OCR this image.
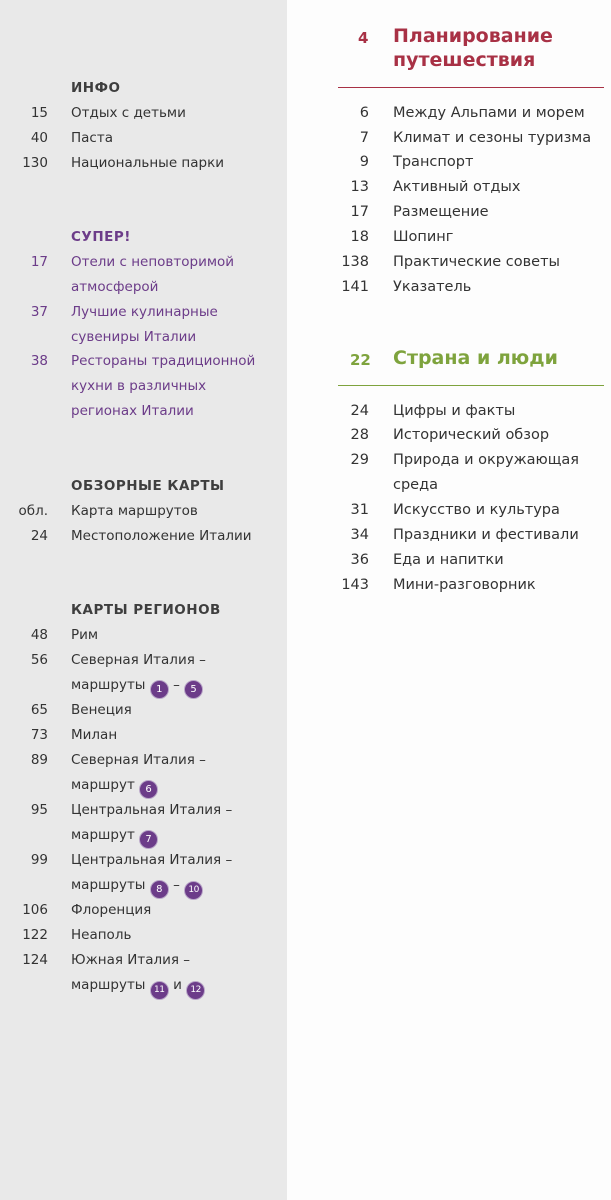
ИНФО
15 Отдых с детьми
40 Паста
130 Национальные парки
СУПЕР!
17 Отели с неповторимой
атмосферой
37 Лучшие кулинарные
сувениры Италии
38 Рестораны традиционной
кухни в различных
регионах Италии
ОБЗОРНЫЕ КАРТЫ
обл. Карта маршрутов
24 Местоположение Италии
КАРТЫ РЕГИОНОВ
48 Рим
56 Северная Италия –
маршруты 1 – 5
65 Венеция
73 Милан
89 Северная Италия –
маршрут 6
95 Центральная Италия –
маршрут 7
99 Центральная Италия –
маршруты 8 – 10
106 Флоренция
122 Неаполь
124 Южная Италия –
маршруты 11 и 12
4 Планирование
путешествия
6 Между Альпами и морем
7 Климат и сезоны туризма
9 Транспорт
13 Активный отдых
17 Размещение
18 Шопинг
138 Практические советы
141 Указатель
22 Страна и люди
24 Цифры и факты
28 Исторический обзор
29 Природа и окружающая
среда
31 Искусство и культура
34 Праздники и фестивали
36 Еда и напитки
143 Мини-разговорник
